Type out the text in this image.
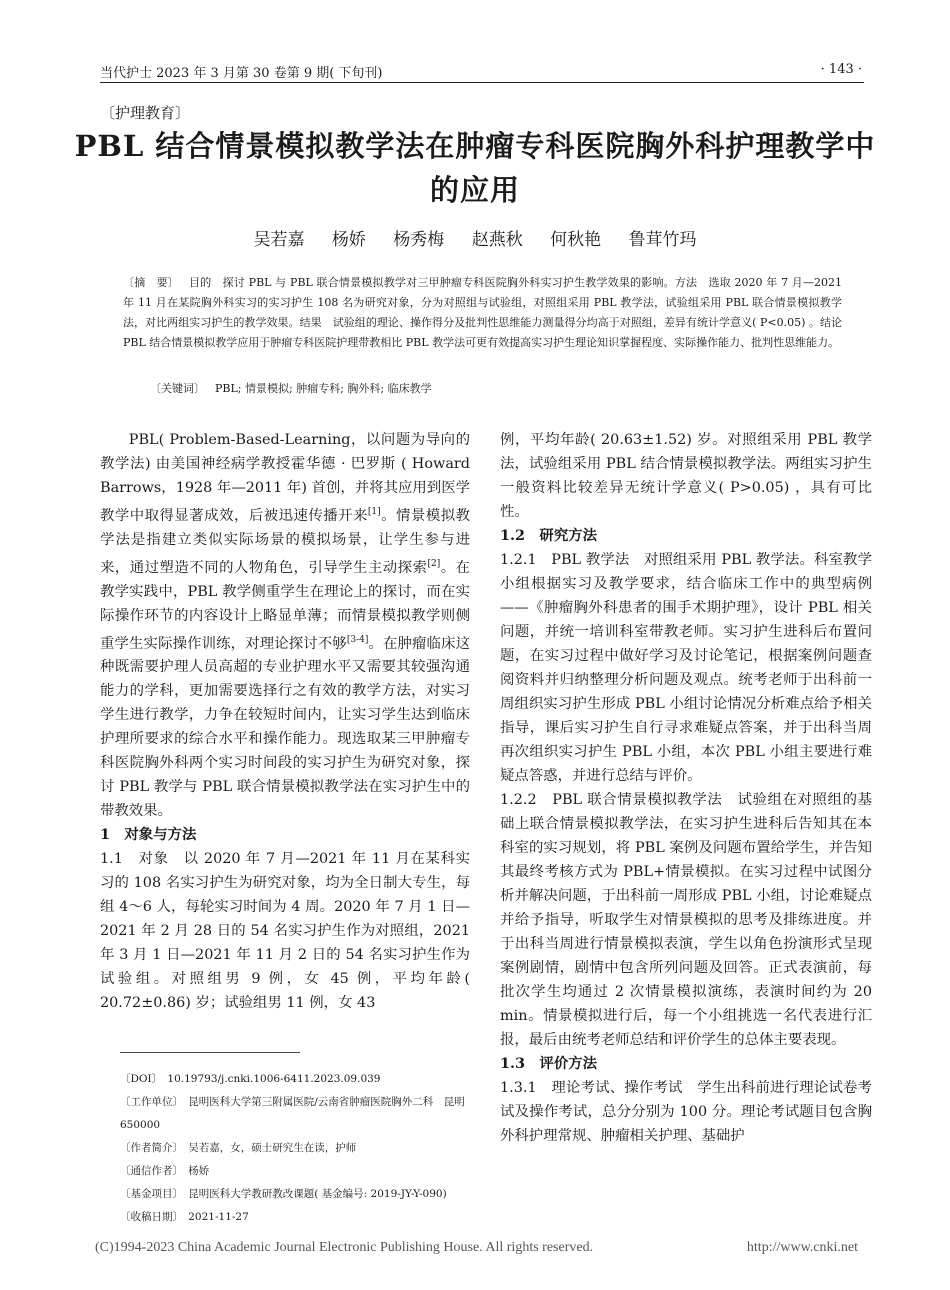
当代护士 2023 年 3 月第 30 卷第 9 期( 下旬刊)	· 143 ·
〔护理教育〕
PBL 结合情景模拟教学法在肿瘤专科医院胸外科护理教学中的应用
吴若嘉 杨娇 杨秀梅 赵燕秋 何秋艳 鲁茸竹玛
〔摘　要〕 目的　探讨 PBL 与 PBL 联合情景模拟教学对三甲肿瘤专科医院胸外科实习护生教学效果的影响。方法　选取 2020 年 7 月—2021 年 11 月在某院胸外科实习的实习护生 108 名为研究对象，分为对照组与试验组，对照组采用 PBL 教学法，试验组采用 PBL 联合情景模拟教学法，对比两组实习护生的教学效果。结果　试验组的理论、操作得分及批判性思维能力测量得分均高于对照组，差异有统计学意义( P<0.05) 。结论　PBL 结合情景模拟教学应用于肿瘤专科医院护理带教相比 PBL 教学法可更有效提高实习护生理论知识掌握程度、实际操作能力、批判性思维能力。
〔关键词〕 PBL; 情景模拟; 肿瘤专科; 胸外科; 临床教学

PBL( Problem-Based-Learning，以问题为导向的教学法) 由美国神经病学教授霍华德 · 巴罗斯 ( Howard Barrows，1928 年—2011 年) 首创，并将其应用到医学教学中取得显著成效，后被迅速传播开来[1]。情景模拟教学法是指建立类似实际场景的模拟场景，让学生参与进来，通过塑造不同的人物角色，引导学生主动探索[2]。在教学实践中，PBL 教学侧重学生在理论上的探讨，而在实际操作环节的内容设计上略显单薄；而情景模拟教学则侧重学生实际操作训练，对理论探讨不够[3-4]。在肿瘤临床这种既需要护理人员高超的专业护理水平又需要其较强沟通能力的学科，更加需要选择行之有效的教学方法，对实习学生进行教学，力争在较短时间内，让实习学生达到临床护理所要求的综合水平和操作能力。现选取某三甲肿瘤专科医院胸外科两个实习时间段的实习护生为研究对象，探讨 PBL 教学与 PBL 联合情景模拟教学法在实习护生中的带教效果。

1　对象与方法

1.1　对象　以 2020 年 7 月—2021 年 11 月在某科实习的 108 名实习护生为研究对象，均为全日制大专生，每组 4～6 人，每轮实习时间为 4 周。2020 年 7 月 1 日—2021 年 2 月 28 日的 54 名实习护生作为对照组，2021 年 3 月 1 日—2021 年 11 月 2 日的 54 名实习护生作为试验组。对照组男 9 例，女 45 例，平均年龄( 20.72±0.86) 岁；试验组男 11 例，女 43

例，平均年龄( 20.63±1.52) 岁。对照组采用 PBL 教学法，试验组采用 PBL 结合情景模拟教学法。两组实习护生一般资料比较差异无统计学意义( P>0.05) ，具有可比性。

1.2　研究方法

1.2.1　PBL 教学法　对照组采用 PBL 教学法。科室教学小组根据实习及教学要求，结合临床工作中的典型病例——《肿瘤胸外科患者的围手术期护理》，设计 PBL 相关问题，并统一培训科室带教老师。实习护生进科后布置问题，在实习过程中做好学习及讨论笔记，根据案例问题查阅资料并归纳整理分析问题及观点。统考老师于出科前一周组织实习护生形成 PBL 小组讨论情况分析难点给予相关指导，课后实习护生自行寻求难疑点答案，并于出科当周再次组织实习护生 PBL 小组，本次 PBL 小组主要进行难疑点答惑，并进行总结与评价。

1.2.2　PBL 联合情景模拟教学法　试验组在对照组的基础上联合情景模拟教学法，在实习护生进科后告知其在本科室的实习规划，将 PBL 案例及问题布置给学生，并告知其最终考核方式为 PBL+情景模拟。在实习过程中试图分析并解决问题，于出科前一周形成 PBL 小组，讨论难疑点并给予指导，听取学生对情景模拟的思考及排练进度。并于出科当周进行情景模拟表演，学生以角色扮演形式呈现案例剧情，剧情中包含所列问题及回答。正式表演前，每批次学生均通过 2 次情景模拟演练，表演时间约为 20 min。情景模拟进行后，每一个小组挑选一名代表进行汇报，最后由统考老师总结和评价学生的总体主要表现。

1.3　评价方法

1.3.1　理论考试、操作考试　学生出科前进行理论试卷考试及操作考试，总分分别为 100 分。理论考试题目包含胸外科护理常规、肿瘤相关护理、基础护

〔DOI〕　10.19793/j.cnki.1006-6411.2023.09.039
〔工作单位〕　昆明医科大学第三附属医院/云南省肿瘤医院胸外二科　昆明　650000
〔作者简介〕　吴若嘉，女，硕士研究生在读，护师
〔通信作者〕　杨娇
〔基金项目〕　昆明医科大学教研教改课题( 基金编号: 2019-JY-Y-090)
〔收稿日期〕　2021-11-27
(C)1994-2023 China Academic Journal Electronic Publishing House. All rights reserved.	http://www.cnki.net
